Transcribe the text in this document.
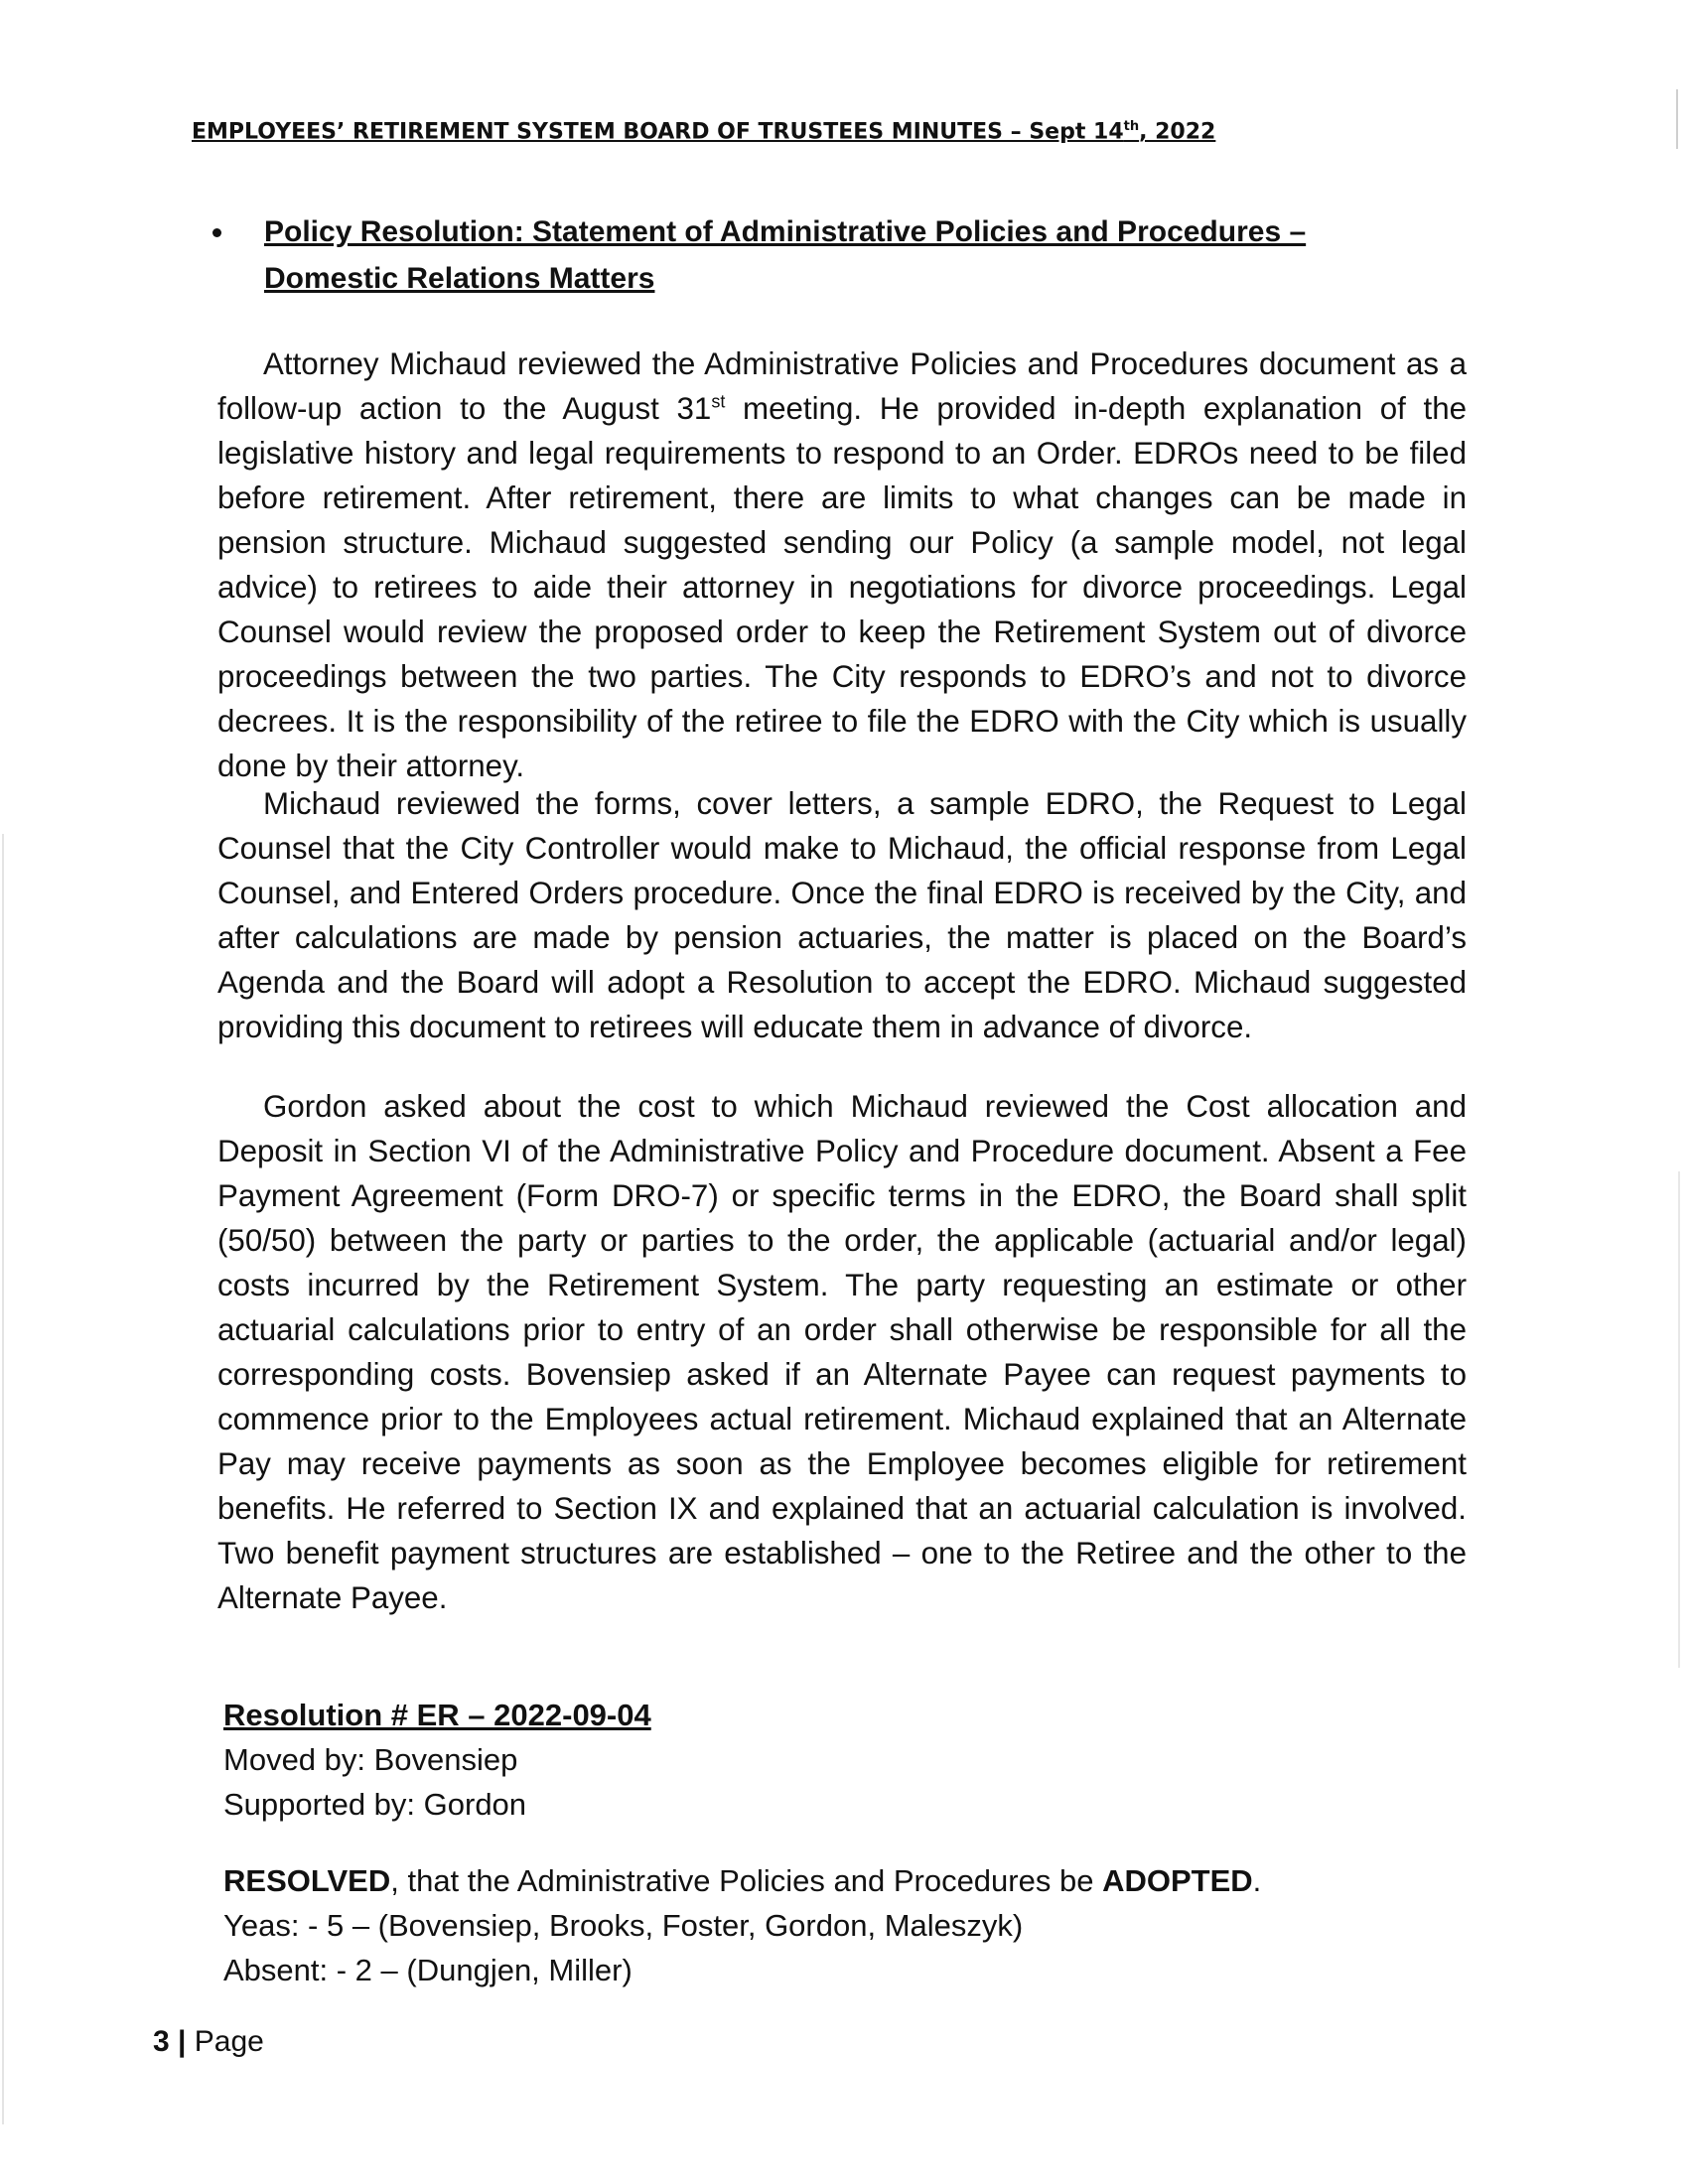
EMPLOYEES’ RETIREMENT SYSTEM BOARD OF TRUSTEES MINUTES – Sept 14th, 2022
Policy Resolution: Statement of Administrative Policies and Procedures – Domestic Relations Matters

Attorney Michaud reviewed the Administrative Policies and Procedures document as a follow-up action to the August 31st meeting. He provided in-depth explanation of the legislative history and legal requirements to respond to an Order. EDROs need to be filed before retirement. After retirement, there are limits to what changes can be made in pension structure. Michaud suggested sending our Policy (a sample model, not legal advice) to retirees to aide their attorney in negotiations for divorce proceedings. Legal Counsel would review the proposed order to keep the Retirement System out of divorce proceedings between the two parties. The City responds to EDRO’s and not to divorce decrees. It is the responsibility of the retiree to file the EDRO with the City which is usually done by their attorney.

Michaud reviewed the forms, cover letters, a sample EDRO, the Request to Legal Counsel that the City Controller would make to Michaud, the official response from Legal Counsel, and Entered Orders procedure. Once the final EDRO is received by the City, and after calculations are made by pension actuaries, the matter is placed on the Board’s Agenda and the Board will adopt a Resolution to accept the EDRO. Michaud suggested providing this document to retirees will educate them in advance of divorce.

Gordon asked about the cost to which Michaud reviewed the Cost allocation and Deposit in Section VI of the Administrative Policy and Procedure document. Absent a Fee Payment Agreement (Form DRO-7) or specific terms in the EDRO, the Board shall split (50/50) between the party or parties to the order, the applicable (actuarial and/or legal) costs incurred by the Retirement System. The party requesting an estimate or other actuarial calculations prior to entry of an order shall otherwise be responsible for all the corresponding costs. Bovensiep asked if an Alternate Payee can request payments to commence prior to the Employees actual retirement. Michaud explained that an Alternate Pay may receive payments as soon as the Employee becomes eligible for retirement benefits. He referred to Section IX and explained that an actuarial calculation is involved. Two benefit payment structures are established – one to the Retiree and the other to the Alternate Payee.

Resolution # ER – 2022-09-04
Moved by: Bovensiep
Supported by: Gordon
RESOLVED, that the Administrative Policies and Procedures be ADOPTED.
Yeas: - 5 – (Bovensiep, Brooks, Foster, Gordon, Maleszyk)
Absent: - 2 – (Dungjen, Miller)
3 | Page
